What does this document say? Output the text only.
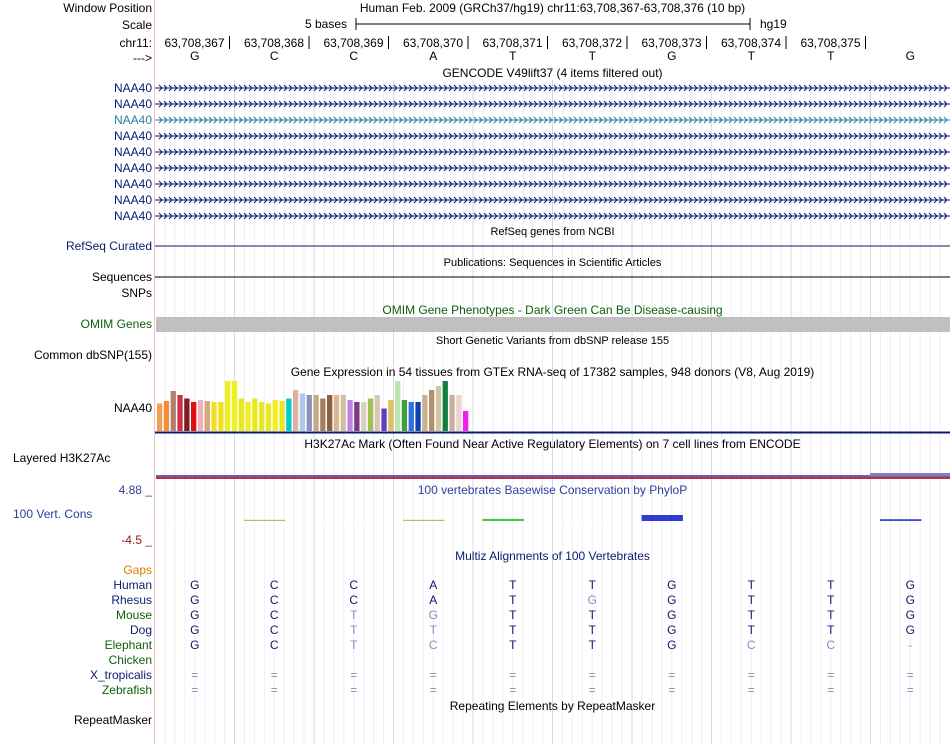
Window Position	Human Feb. 2009 (GRCh37/hg19) chr11:63,708,367-63,708,376 (10 bp)
Scale	5 bases	hg19
chr11:
--->
63,708,367 63,708,368 63,708,369 63,708,370 63,708,371 63,708,372 63,708,373 63,708,374 63,708,375
G	C	C	A	T	T	G	T	T	G
GENCODE V49lift37 (4 items filtered out)
NAA40
NAA40
NAA40
NAA40
NAA40
NAA40
NAA40
NAA40
NAA40
RefSeq genes from NCBI
RefSeq Curated
Publications: Sequences in Scientific Articles
Sequences
SNPs
OMIM Gene Phenotypes - Dark Green Can Be Disease-causing
OMIM Genes
Short Genetic Variants from dbSNP release 155
Common dbSNP(155)
Gene Expression in 54 tissues from GTEx RNA-seq of 17382 samples, 948 donors (V8, Aug 2019)
NAA40
H3K27Ac Mark (Often Found Near Active Regulatory Elements) on 7 cell lines from ENCODE
Layered H3K27Ac
100 vertebrates Basewise Conservation by PhyloP
4.88 _
100 Vert. Cons
-4.5 _
Multiz Alignments of 100 Vertebrates
Gaps
Human	G	C	C	A	T	T	G	T	T	G
Rhesus	G	C	C	A	T	G	G	T	T	G
Mouse	G	C	T	G	T	T	G	T	T	G
Dog	G	C	T	T	T	T	G	T	T	G
Elephant	G	C	T	C	T	T	G	C	C	-
Chicken
X_tropicalis	=	=	=	=	=	=	=	=	=	=
Zebrafish	=	=	=	=	=	=	=	=	=	=
Repeating Elements by RepeatMasker
RepeatMasker
